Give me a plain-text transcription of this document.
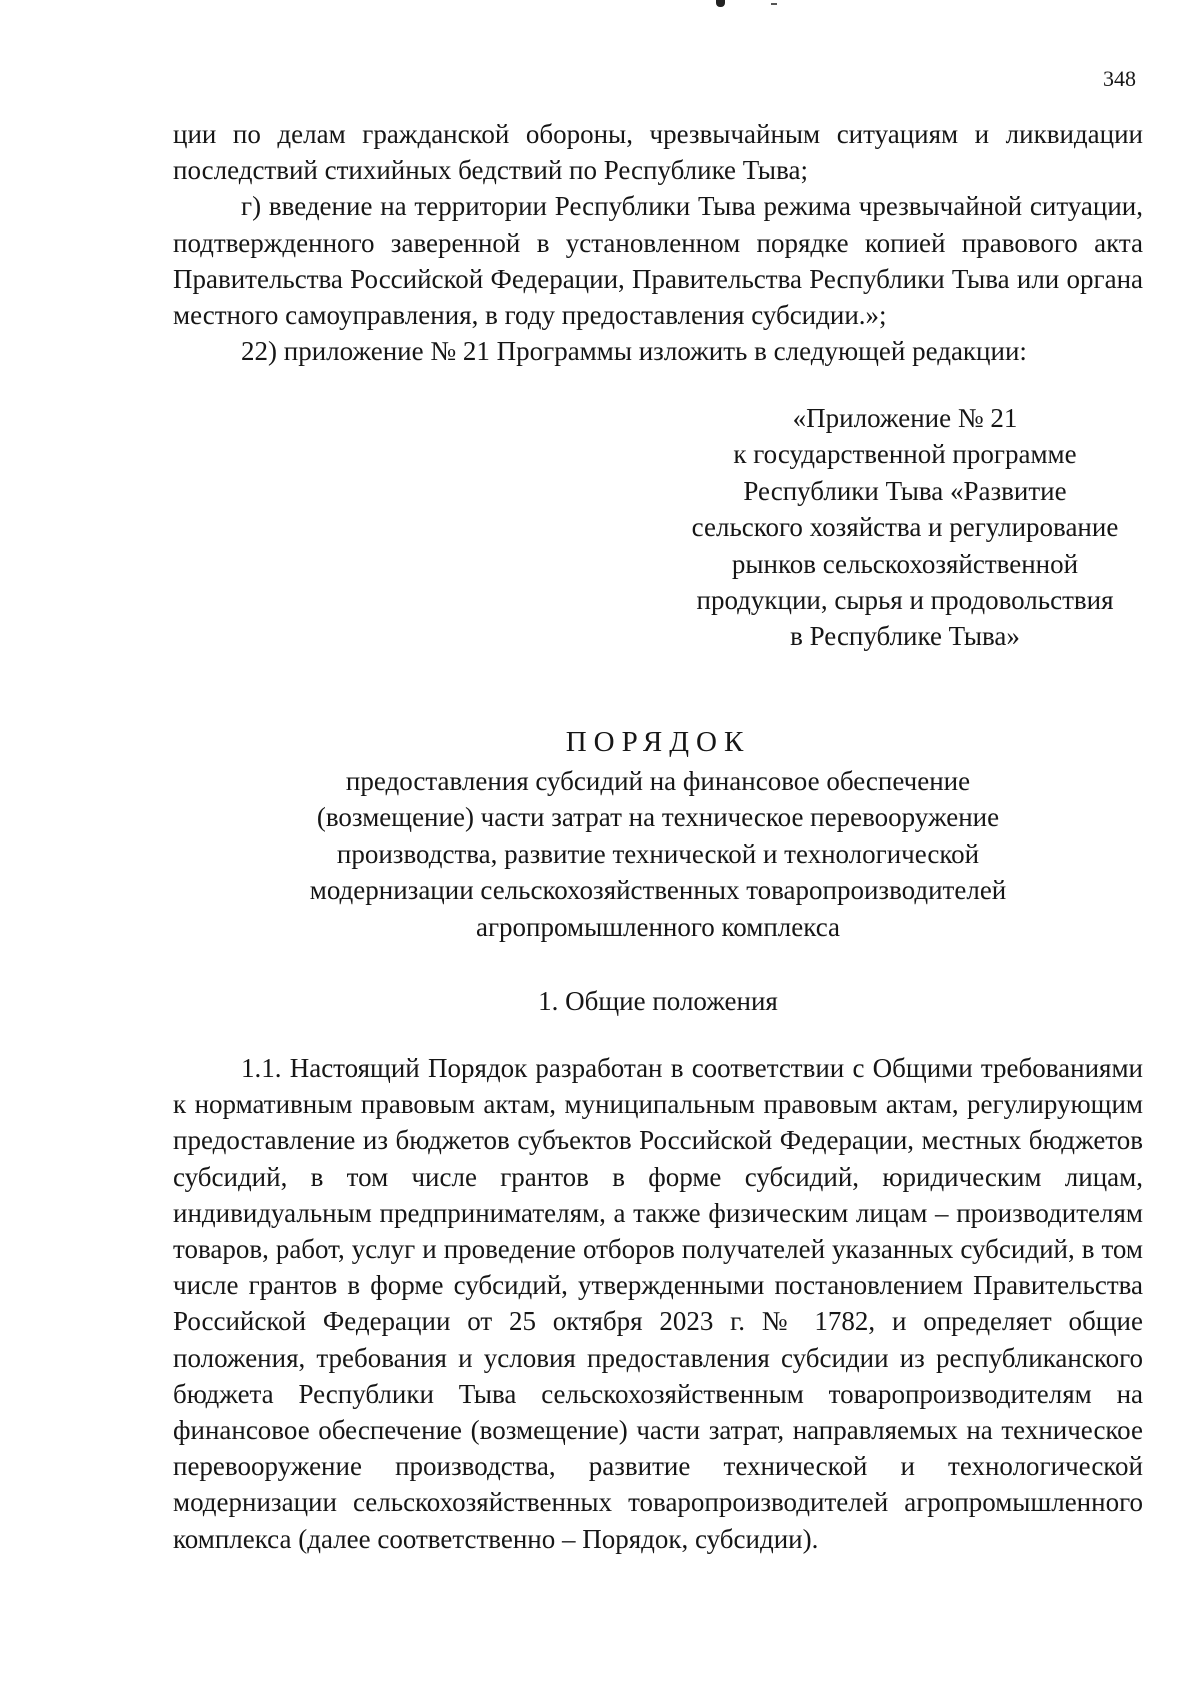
348

ции по делам гражданской обороны, чрезвычайным ситуациям и ликвидации последствий стихийных бедствий по Республике Тыва;

г) введение на территории Республики Тыва режима чрезвычайной ситуации, подтвержденного заверенной в установленном порядке копией правового акта Правительства Российской Федерации, Правительства Республики Тыва или органа местного самоуправления, в году предоставления субсидии.»;

22) приложение № 21 Программы изложить в следующей редакции:

«Приложение № 21
к государственной программе
Республики Тыва «Развитие
сельского хозяйства и регулирование
рынков сельскохозяйственной
продукции, сырья и продовольствия
в Республике Тыва»
ПОРЯДОК
предоставления субсидий на финансовое обеспечение
(возмещение) части затрат на техническое перевооружение
производства, развитие технической и технологической
модернизации сельскохозяйственных товаропроизводителей
агропромышленного комплекса
1. Общие положения

1.1. Настоящий Порядок разработан в соответствии с Общими требованиями к нормативным правовым актам, муниципальным правовым актам, регулирующим предоставление из бюджетов субъектов Российской Федерации, местных бюджетов субсидий, в том числе грантов в форме субсидий, юридическим лицам, индивидуальным предпринимателям, а также физическим лицам – производителям товаров, работ, услуг и проведение отборов получателей указанных субсидий, в том числе грантов в форме субсидий, утвержденными постановлением Правительства Российской Федерации от 25 октября 2023 г. № 1782, и определяет общие положения, требования и условия предоставления субсидии из республиканского бюджета Республики Тыва сельскохозяйственным товаропроизводителям на финансовое обеспечение (возмещение) части затрат, направляемых на техническое перевооружение производства, развитие технической и технологической модернизации сельскохозяйственных товаропроизводителей агропромышленного комплекса (далее соответственно – Порядок, субсидии).
